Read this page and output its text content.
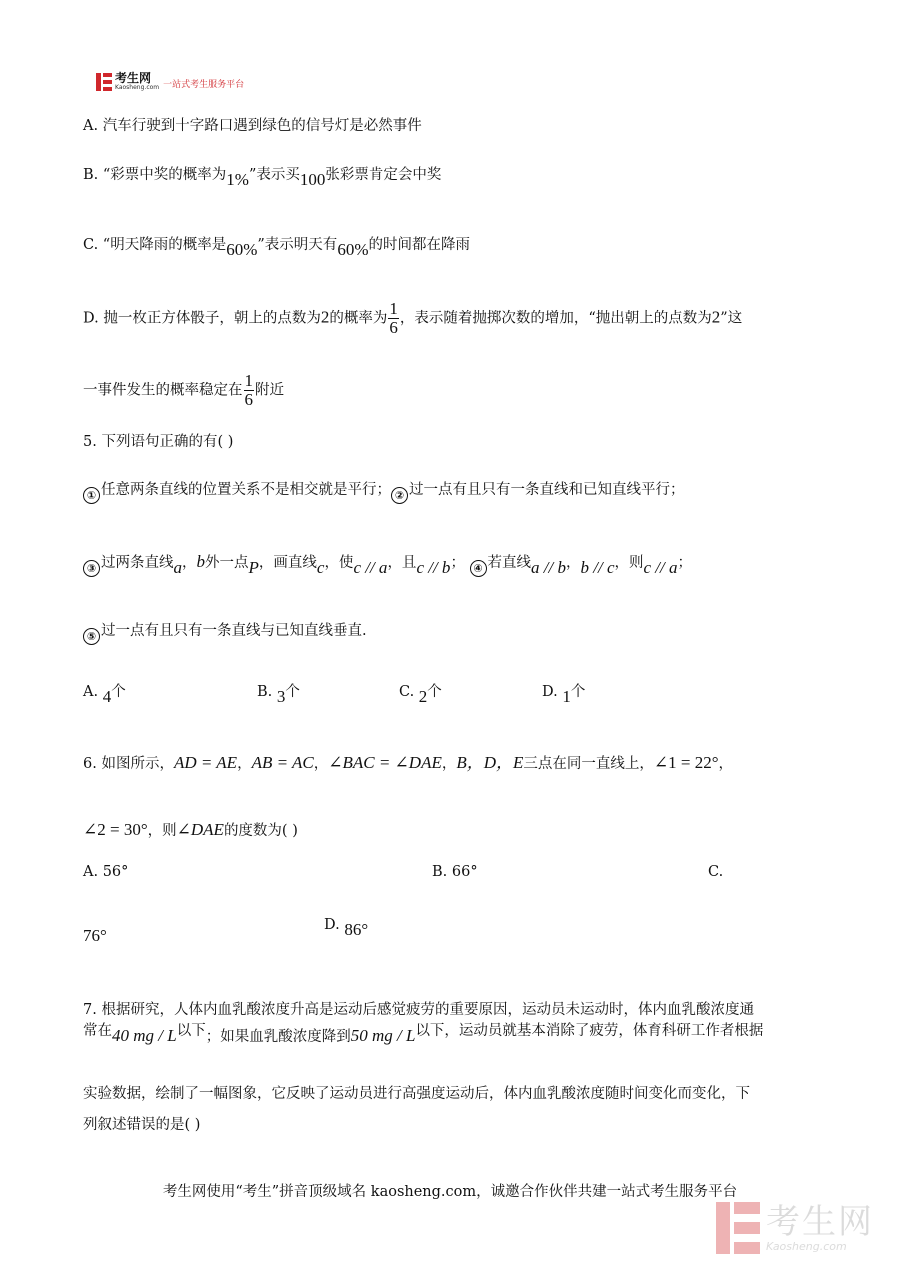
考生网
Kaosheng.com 一站式考生服务平台
A. 汽车行驶到十字路口遇到绿色的信号灯是必然事件
B. “彩票中奖的概率为1%”表示买100张彩票肯定会中奖
C. “明天降雨的概率是60%”表示明天有60%的时间都在降雨
D. 抛一枚正方体骰子，朝上的点数为2的概率为 $\frac{1}{6}$ ，表示随着抛掷次数的增加，“抛出朝上的点数为2”这
一事件发生的概率稳定在 $\frac{1}{6}$ 附近
5. 下列语句正确的有( )
① 任意两条直线的位置关系不是相交就是平行； ② 过一点有且只有一条直线和已知直线平行；
③ 过两条直线a，b外一点P，画直线c，使c // a，且c // b； ④ 若直线a // b，b // c，则c // a；
⑤ 过一点有且只有一条直线与已知直线垂直.
A. 4个	B. 3个	C. 2个	D. 1个
6. 如图所示，AD = AE，AB = AC，∠BAC = ∠DAE，B，D，E三点在同一直线上，∠1 = 22°，
∠2 = 30°，则∠DAE的度数为( )
A. 56°	B. 66°	C.
76°
D. 86°
7. 根据研究，人体内血乳酸浓度升高是运动后感觉疲劳的重要原因，运动员未运动时，体内血乳酸浓度通
常在40 mg / L以下；如果血乳酸浓度降到50 mg / L以下，运动员就基本消除了疲劳，体育科研工作者根据
实验数据，绘制了一幅图象，它反映了运动员进行高强度运动后，体内血乳酸浓度随时间变化而变化，下
列叙述错误的是( )
考生网使用“考生”拼音顶级域名 kaosheng.com，诚邀合作伙伴共建一站式考生服务平台
考生网
Kaosheng.com
